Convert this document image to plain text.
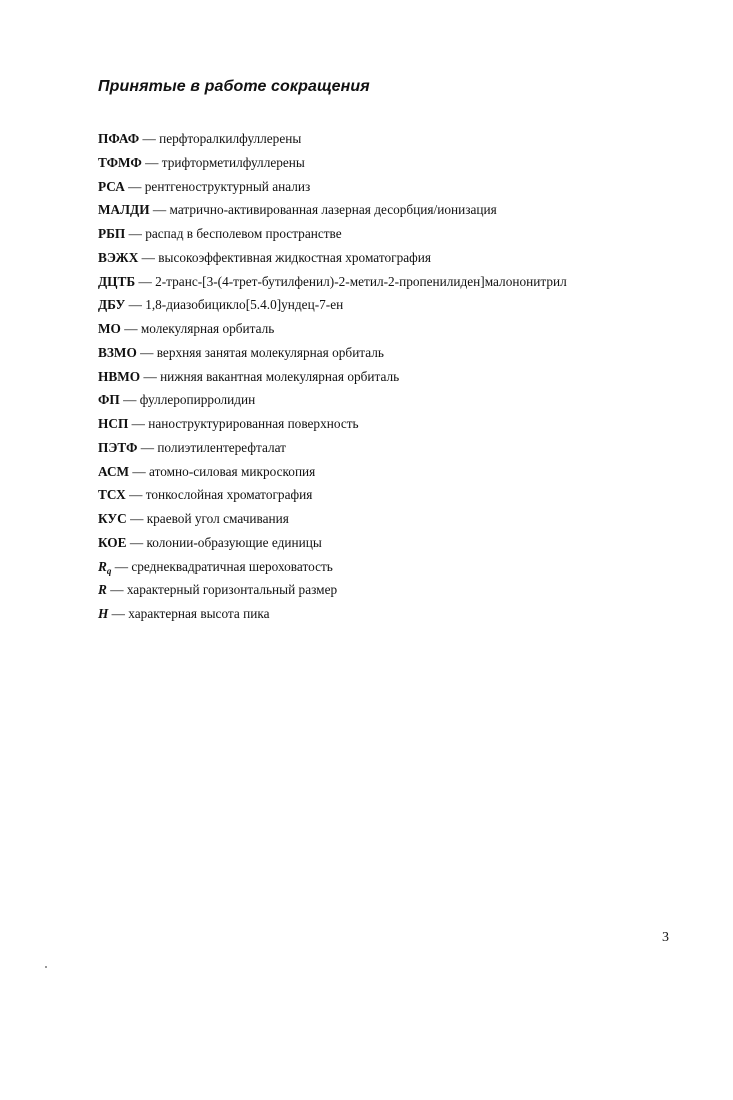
Принятые в работе сокращения
ПФАФ — перфторалкилфуллерены
ТФМФ — трифторметилфуллерены
РСА — рентгеноструктурный анализ
МАЛДИ — матрично-активированная лазерная десорбция/ионизация
РБП — распад в бесполевом пространстве
ВЭЖХ — высокоэффективная жидкостная хроматография
ДЦТБ — 2-транс-[3-(4-трет-бутилфенил)-2-метил-2-пропенилиден]малононитрил
ДБУ — 1,8-диазобицикло[5.4.0]ундец-7-ен
МО — молекулярная орбиталь
ВЗМО — верхняя занятая молекулярная орбиталь
НВМО — нижняя вакантная молекулярная орбиталь
ФП — фуллеропирролидин
НСП — наноструктурированная поверхность
ПЭТФ — полиэтилентерефталат
АСМ — атомно-силовая микроскопия
ТСХ — тонкослойная хроматография
КУС — краевой угол смачивания
КОЕ — колонии-образующие единицы
$R_q$ — среднеквадратичная шероховатость
R — характерный горизонтальный размер
H — характерная высота пика
3
